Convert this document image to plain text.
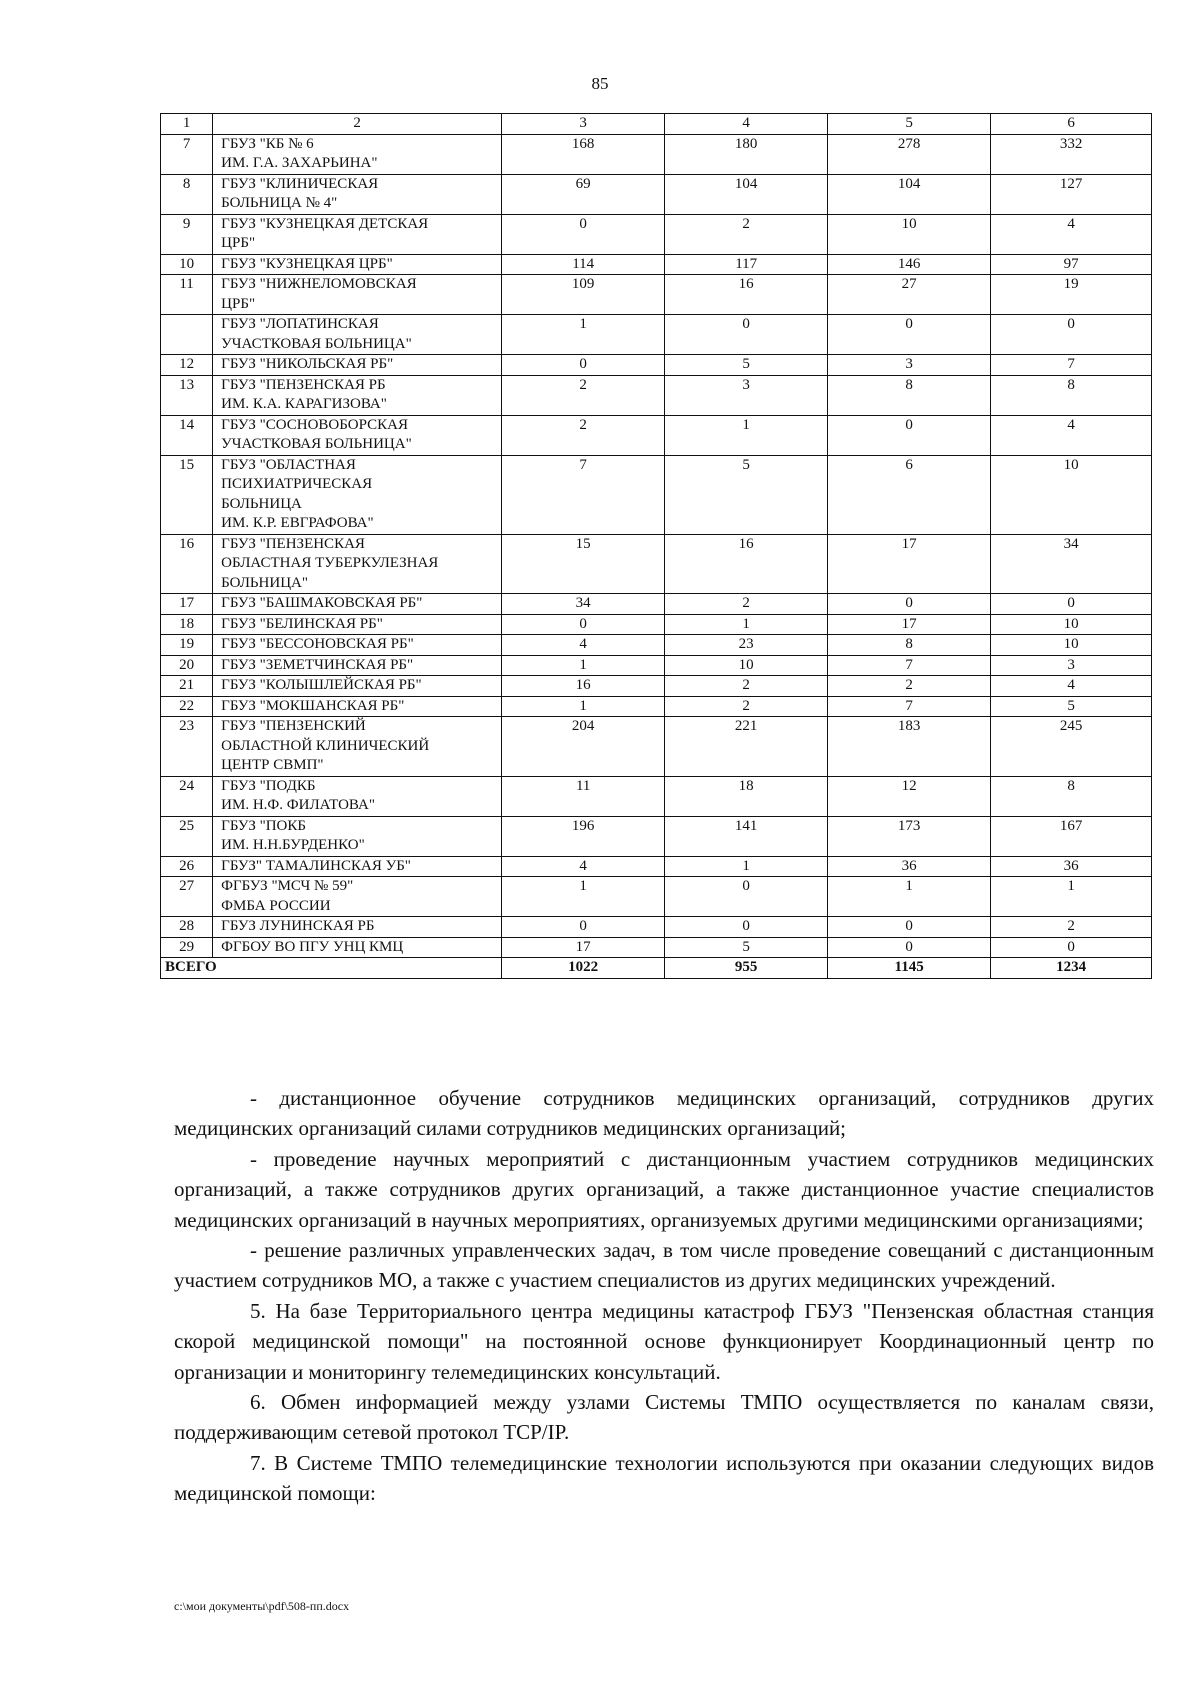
85
1	2	3	4	5	6
7	ГБУЗ "КБ № 6
ИМ. Г.А. ЗАХАРЬИНА"	168	180	278	332
8	ГБУЗ "КЛИНИЧЕСКАЯ
БОЛЬНИЦА № 4"	69	104	104	127
9	ГБУЗ "КУЗНЕЦКАЯ ДЕТСКАЯ
ЦРБ"	0	2	10	4
10	ГБУЗ "КУЗНЕЦКАЯ ЦРБ"	114	117	146	97
11	ГБУЗ "НИЖНЕЛОМОВСКАЯ
ЦРБ"	109	16	27	19
	ГБУЗ "ЛОПАТИНСКАЯ
УЧАСТКОВАЯ БОЛЬНИЦА"	1	0	0	0
12	ГБУЗ "НИКОЛЬСКАЯ РБ"	0	5	3	7
13	ГБУЗ "ПЕНЗЕНСКАЯ РБ
ИМ. К.А. КАРАГИЗОВА"	2	3	8	8
14	ГБУЗ "СОСНОВОБОРСКАЯ
УЧАСТКОВАЯ БОЛЬНИЦА"	2	1	0	4
15	ГБУЗ "ОБЛАСТНАЯ
ПСИХИАТРИЧЕСКАЯ
БОЛЬНИЦА
ИМ. К.Р. ЕВГРАФОВА"	7	5	6	10
16	ГБУЗ "ПЕНЗЕНСКАЯ
ОБЛАСТНАЯ ТУБЕРКУЛЕЗНАЯ
БОЛЬНИЦА"	15	16	17	34
17	ГБУЗ "БАШМАКОВСКАЯ РБ"	34	2	0	0
18	ГБУЗ "БЕЛИНСКАЯ РБ"	0	1	17	10
19	ГБУЗ "БЕССОНОВСКАЯ РБ"	4	23	8	10
20	ГБУЗ "ЗЕМЕТЧИНСКАЯ РБ"	1	10	7	3
21	ГБУЗ "КОЛЫШЛЕЙСКАЯ РБ"	16	2	2	4
22	ГБУЗ "МОКШАНСКАЯ РБ"	1	2	7	5
23	ГБУЗ "ПЕНЗЕНСКИЙ
ОБЛАСТНОЙ КЛИНИЧЕСКИЙ
ЦЕНТР СВМП"	204	221	183	245
24	ГБУЗ "ПОДКБ
ИМ. Н.Ф. ФИЛАТОВА"	11	18	12	8
25	ГБУЗ "ПОКБ
ИМ. Н.Н.БУРДЕНКО"	196	141	173	167
26	ГБУЗ" ТАМАЛИНСКАЯ УБ"	4	1	36	36
27	ФГБУЗ "МСЧ № 59"
ФМБА РОССИИ	1	0	1	1
28	ГБУЗ ЛУНИНСКАЯ РБ	0	0	0	2
29	ФГБОУ ВО ПГУ УНЦ КМЦ	17	5	0	0
ВСЕГО		1022	955	1145	1234

- дистанционное обучение сотрудников медицинских организаций, сотрудников других медицинских организаций силами сотрудников медицинских организаций;

- проведение научных мероприятий с дистанционным участием сотрудников медицинских организаций, а также сотрудников других организаций, а также дистанционное участие специалистов медицинских организаций в научных мероприятиях, организуемых другими медицинскими организациями;

- решение различных управленческих задач, в том числе проведение совещаний с дистанционным участием сотрудников МО, а также с участием специалистов из других медицинских учреждений.

5. На базе Территориального центра медицины катастроф ГБУЗ "Пензенская областная станция скорой медицинской помощи" на постоянной основе функционирует Координационный центр по организации и мониторингу телемедицинских консультаций.

6. Обмен информацией между узлами Системы ТМПО осуществляется по каналам связи, поддерживающим сетевой протокол TCP/IP.

7. В Системе ТМПО телемедицинские технологии используются при оказании следующих видов медицинской помощи:

c:\мои документы\pdf\508-пп.docx
